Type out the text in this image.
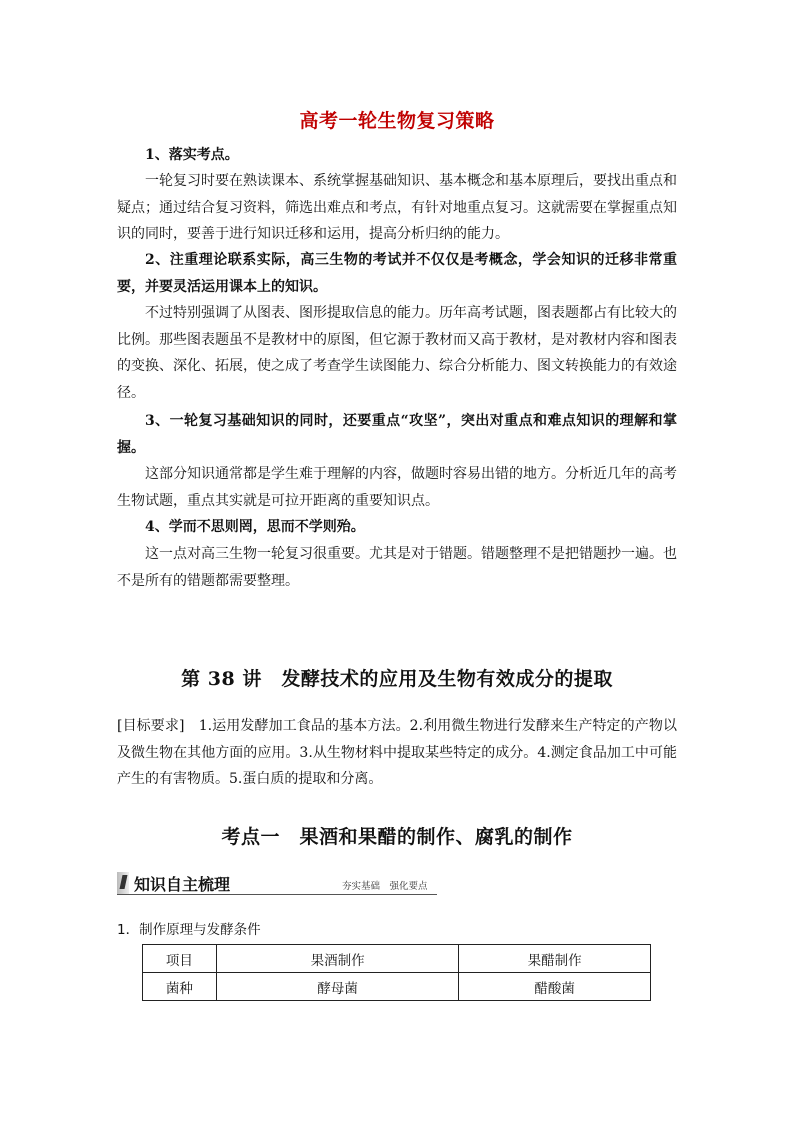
高考一轮生物复习策略

1、落实考点。

一轮复习时要在熟读课本、系统掌握基础知识、基本概念和基本原理后，要找出重点和疑点；通过结合复习资料，筛选出难点和考点，有针对地重点复习。这就需要在掌握重点知识的同时，要善于进行知识迁移和运用，提高分析归纳的能力。

2、注重理论联系实际，高三生物的考试并不仅仅是考概念，学会知识的迁移非常重要，并要灵活运用课本上的知识。

不过特别强调了从图表、图形提取信息的能力。历年高考试题，图表题都占有比较大的比例。那些图表题虽不是教材中的原图，但它源于教材而又高于教材，是对教材内容和图表的变换、深化、拓展，使之成了考查学生读图能力、综合分析能力、图文转换能力的有效途径。

3、一轮复习基础知识的同时，还要重点“攻坚”，突出对重点和难点知识的理解和掌握。

这部分知识通常都是学生难于理解的内容，做题时容易出错的地方。分析近几年的高考生物试题，重点其实就是可拉开距离的重要知识点。

4、学而不思则罔，思而不学则殆。

这一点对高三生物一轮复习很重要。尤其是对于错题。错题整理不是把错题抄一遍。也不是所有的错题都需要整理。

第 38 讲　发酵技术的应用及生物有效成分的提取

[目标要求]　 1.运用发酵加工食品的基本方法。2.利用微生物进行发酵来生产特定的产物以及微生物在其他方面的应用。3.从生物材料中提取某些特定的成分。4.测定食品加工中可能产生的有害物质。5.蛋白质的提取和分离。

考点一　果酒和果醋的制作、腐乳的制作
知识自主梳理	夯实基础　强化要点
1．制作原理与发酵条件
项目	果酒制作	果醋制作
菌种	酵母菌	醋酸菌
